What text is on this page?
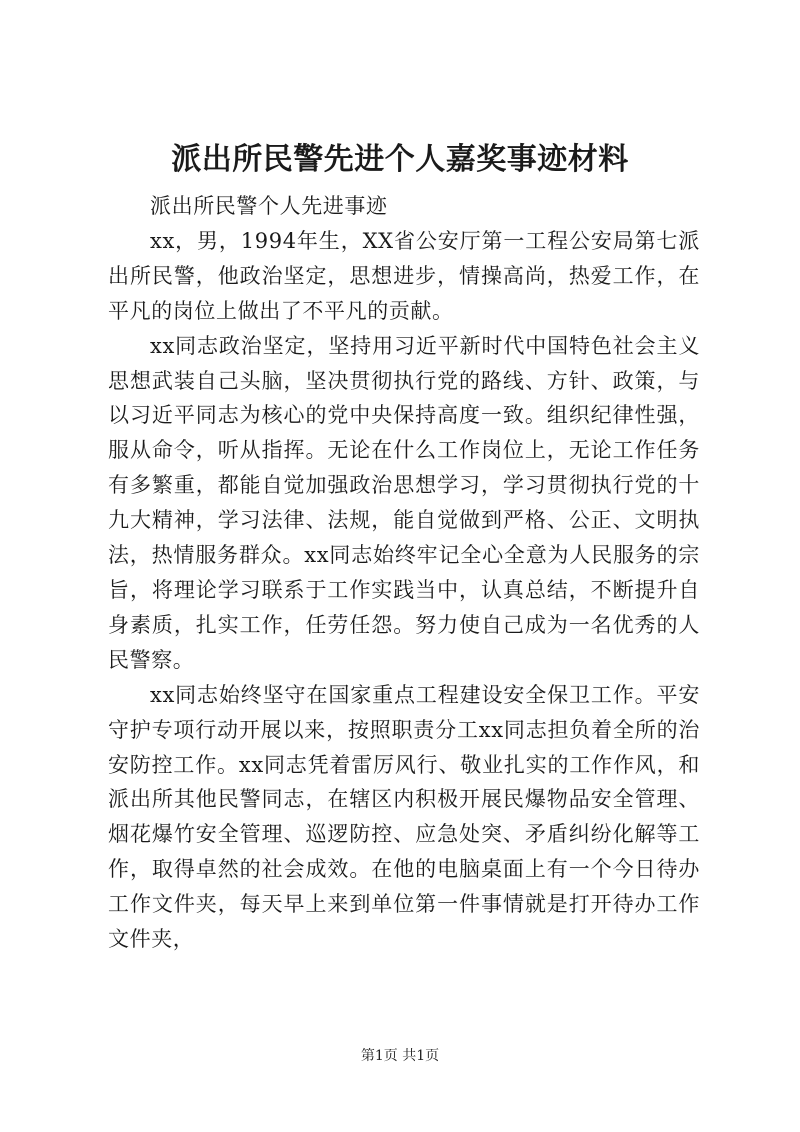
派出所民警先进个人嘉奖事迹材料

派出所民警个人先进事迹

xx，男，1994年生，XX省公安厅第一工程公安局第七派出所民警，他政治坚定，思想进步，情操高尚，热爱工作，在平凡的岗位上做出了不平凡的贡献。

xx同志政治坚定，坚持用习近平新时代中国特色社会主义思想武装自己头脑，坚决贯彻执行党的路线、方针、政策，与以习近平同志为核心的党中央保持高度一致。组织纪律性强，服从命令，听从指挥。无论在什么工作岗位上，无论工作任务有多繁重，都能自觉加强政治思想学习，学习贯彻执行党的十九大精神，学习法律、法规，能自觉做到严格、公正、文明执法，热情服务群众。xx同志始终牢记全心全意为人民服务的宗旨，将理论学习联系于工作实践当中，认真总结，不断提升自身素质，扎实工作，任劳任怨。努力使自己成为一名优秀的人民警察。

xx同志始终坚守在国家重点工程建设安全保卫工作。平安守护专项行动开展以来，按照职责分工xx同志担负着全所的治安防控工作。xx同志凭着雷厉风行、敬业扎实的工作作风，和派出所其他民警同志，在辖区内积极开展民爆物品安全管理、烟花爆竹安全管理、巡逻防控、应急处突、矛盾纠纷化解等工作，取得卓然的社会成效。在他的电脑桌面上有一个今日待办工作文件夹，每天早上来到单位第一件事情就是打开待办工作文件夹，

第1页 共1页
